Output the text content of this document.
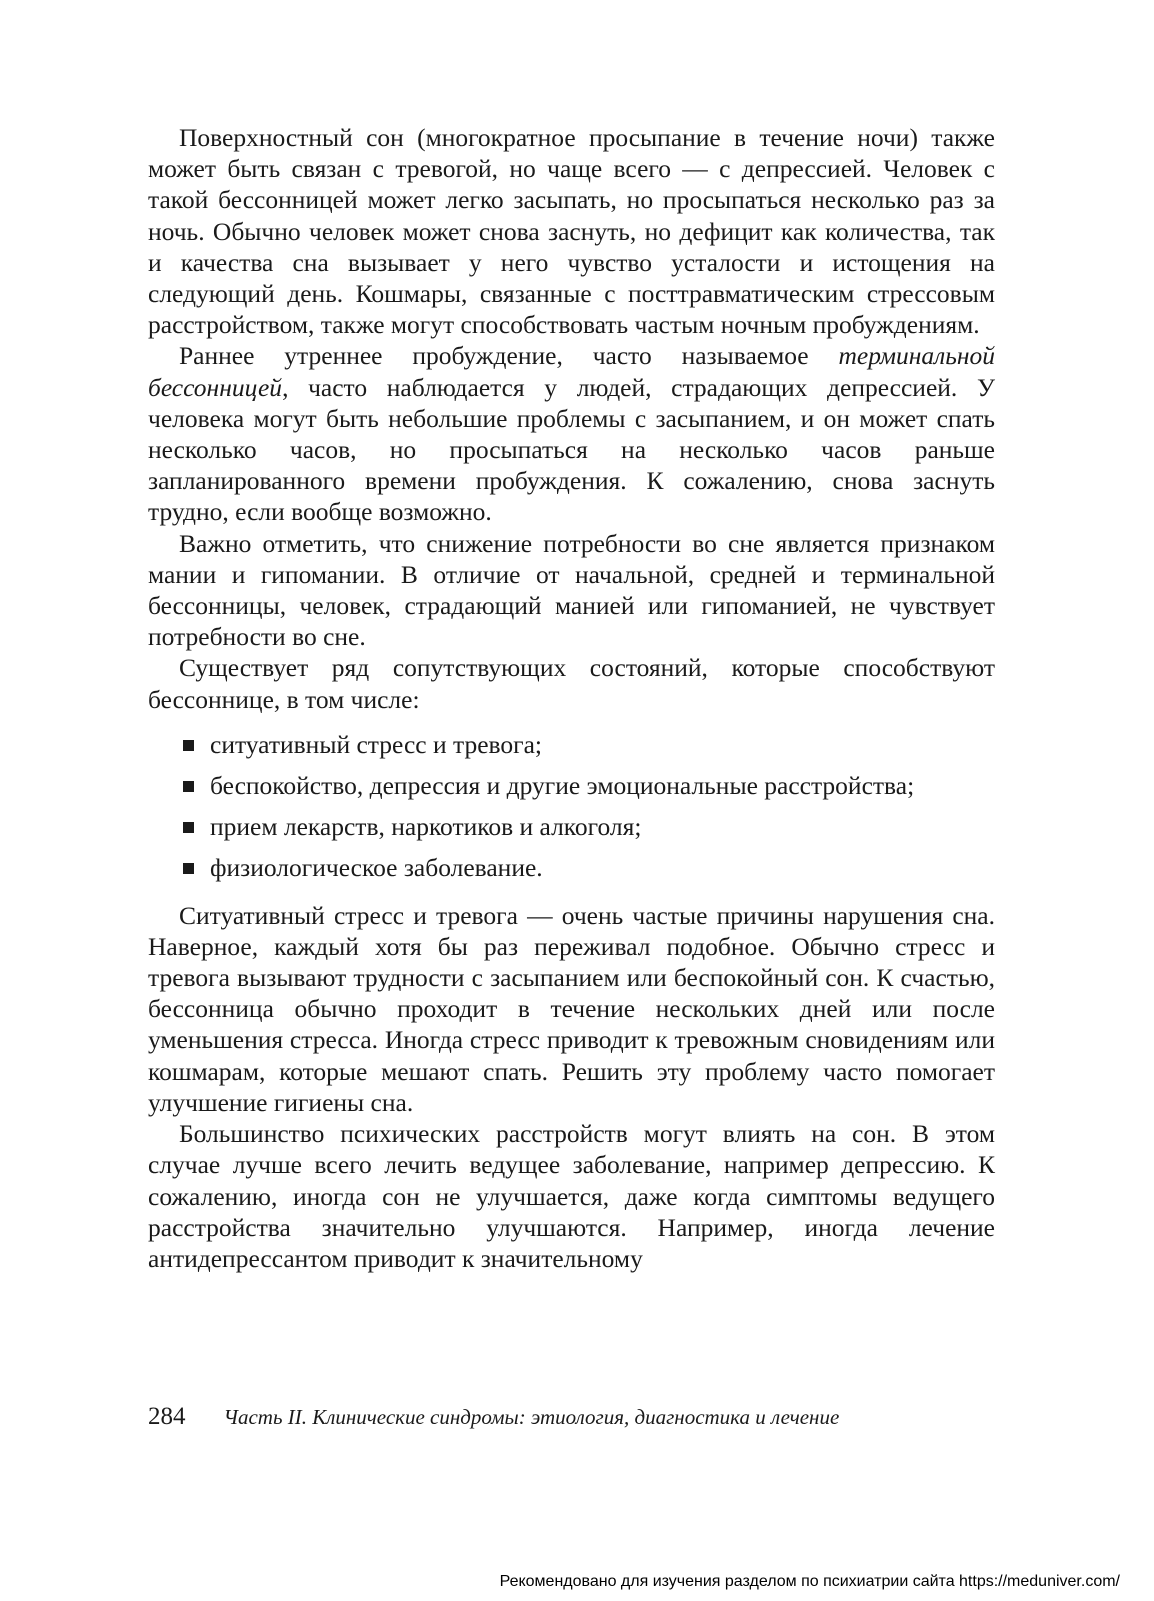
Поверхностный сон (многократное просыпание в течение ночи) также может быть связан с тревогой, но чаще всего — с депрессией. Человек с такой бессонницей может легко засыпать, но просыпаться несколько раз за ночь. Обычно человек может снова заснуть, но дефицит как количества, так и качества сна вызывает у него чувство усталости и истощения на следующий день. Кошмары, связанные с посттравматическим стрессовым расстройством, также могут способствовать частым ночным пробуждениям.

Раннее утреннее пробуждение, часто называемое терминальной бессонницей, часто наблюдается у людей, страдающих депрессией. У человека могут быть небольшие проблемы с засыпанием, и он может спать несколько часов, но просыпаться на несколько часов раньше запланированного времени пробуждения. К сожалению, снова заснуть трудно, если вообще возможно.

Важно отметить, что снижение потребности во сне является признаком мании и гипомании. В отличие от начальной, средней и терминальной бессонницы, человек, страдающий манией или гипоманией, не чувствует потребности во сне.

Существует ряд сопутствующих состояний, которые способствуют бессоннице, в том числе:

ситуативный стресс и тревога;
беспокойство, депрессия и другие эмоциональные расстройства;
прием лекарств, наркотиков и алкоголя;
физиологическое заболевание.

Ситуативный стресс и тревога — очень частые причины нарушения сна. Наверное, каждый хотя бы раз переживал подобное. Обычно стресс и тревога вызывают трудности с засыпанием или беспокойный сон. К счастью, бессонница обычно проходит в течение нескольких дней или после уменьшения стресса. Иногда стресс приводит к тревожным сновидениям или кошмарам, которые мешают спать. Решить эту проблему часто помогает улучшение гигиены сна.

Большинство психических расстройств могут влиять на сон. В этом случае лучше всего лечить ведущее заболевание, например депрессию. К сожалению, иногда сон не улучшается, даже когда симптомы ведущего расстройства значительно улучшаются. Например, иногда лечение антидепрессантом приводит к значительному

284 Часть II. Клинические синдромы: этиология, диагностика и лечение
Рекомендовано для изучения разделом по психиатрии сайта https://meduniver.com/
